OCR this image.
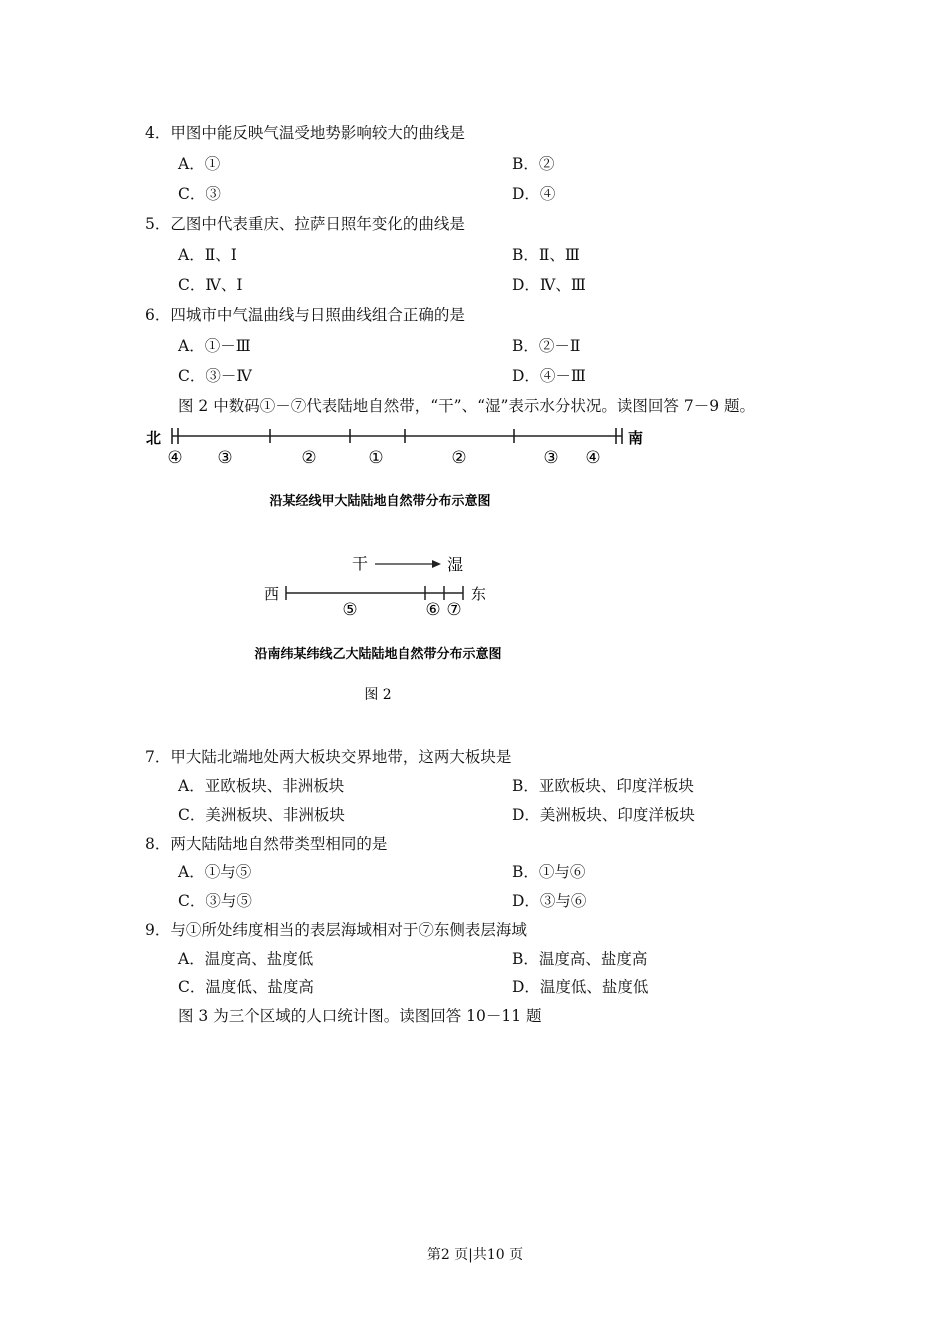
4．甲图中能反映气温受地势影响较大的曲线是
A．①	B．②
C．③	D．④
5．乙图中代表重庆、拉萨日照年变化的曲线是
A．Ⅱ、Ⅰ	B．Ⅱ、Ⅲ
C．Ⅳ、Ⅰ	D．Ⅳ、Ⅲ
6．四城市中气温曲线与日照曲线组合正确的是
A．①－Ⅲ	B．②－Ⅱ
C．③－Ⅳ	D．④－Ⅲ
图 2 中数码①－⑦代表陆地自然带，“干”、“湿”表示水分状况。读图回答 7－9 题。
北	南
④ ③	②	①	②	③ ④
沿某经线甲大陆陆地自然带分布示意图
干	湿
西	东
⑤	⑥ ⑦
沿南纬某纬线乙大陆陆地自然带分布示意图
图 2
7．甲大陆北端地处两大板块交界地带，这两大板块是
A．亚欧板块、非洲板块	B．亚欧板块、印度洋板块
C．美洲板块、非洲板块	D．美洲板块、印度洋板块
8．两大陆陆地自然带类型相同的是
A．①与⑤	B．①与⑥
C．③与⑤	D．③与⑥
9．与①所处纬度相当的表层海域相对于⑦东侧表层海域
A．温度高、盐度低	B．温度高、盐度高
C．温度低、盐度高	D．温度低、盐度低
图 3 为三个区域的人口统计图。读图回答 10－11 题
第2 页|共10 页
